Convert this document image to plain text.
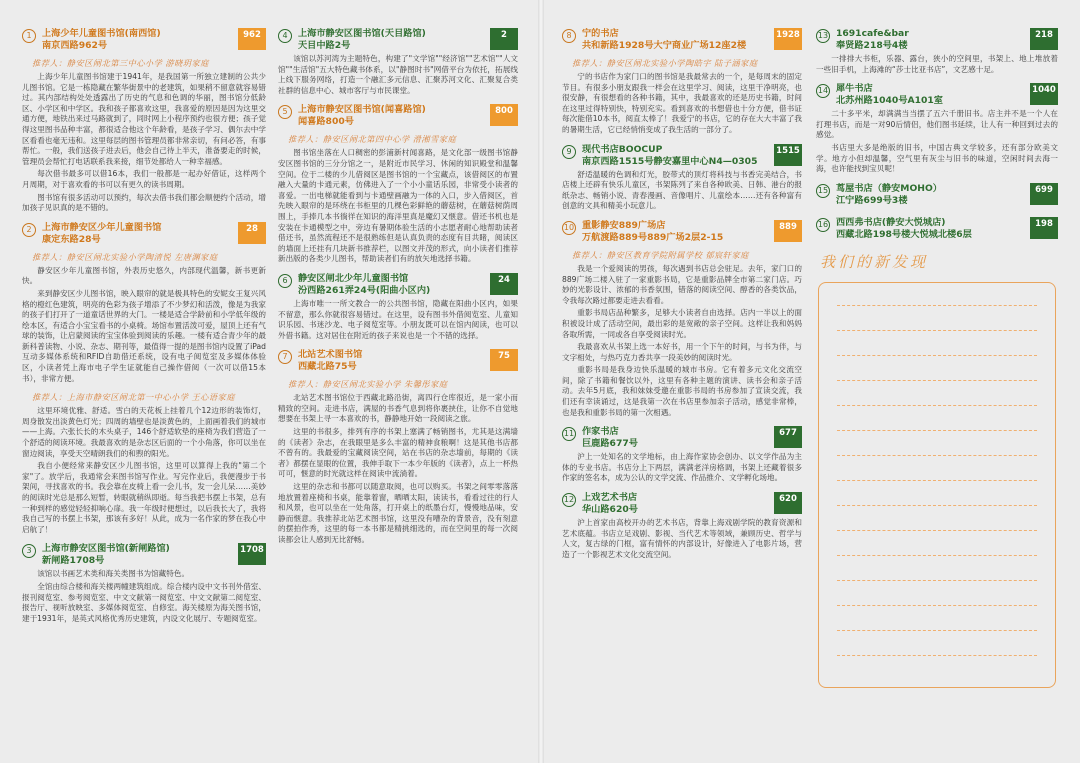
1	上海少年儿童图书馆(南西馆)
南京西路962号
962
推荐人：静安区闸北第三中心小学 游晓玥家庭

上海少年儿童图书馆建于1941年，是我国第一所独立建制的公共少儿图书馆。它是一栋隐藏在繁华街景中的老建筑，如果稍不留意就容易错过。其内部结构处处透露出了历史的气息和色调的华丽，图书馆分低龄区、小学区和中学区。我和孩子都喜欢这里，我喜爱的原因是因为这里交通方便，地铁出来过马路就到了，同时网上小程序预约也很方便；孩子觉得这里图书品种丰富，都很适合他这个年龄看，是孩子学习、偶尔去中学区看看也毫无违和。这里每层的图书管理员都非常亲切，有问必答，有事帮忙。一般，我们送孩子进去后，他会自己待上半天，准备要走的时候，管理员会帮忙打电话联系我来接，细节处都给人一种幸福感。

每次借书最多可以借16本，我们一般都是一起办好借证，这样两个月周期，对于喜欢看的书可以有更久的读书周期。

图书馆有很多活动可以预约，每次去借书我们都会顺便约个活动，增加孩子见识真的是不错的。

2	上海市静安区少年儿童图书馆
康定东路28号
28
推荐人：静安区闸北实验小学陶清悦 左唐渊家庭

静安区少年儿童图书馆，外表历史悠久，内部现代温馨，新书更新快。

来到静安区少儿图书馆，映入眼帘的就是极具特色的安妮女王复兴风格的橙红色建筑，明亮的色彩为孩子增添了不少梦幻和活泼，像是为我家的孩子们打开了一道童话世界的大门。一楼是适合学龄前和小学低年级的绘本区，有适合小宝宝看书的小桌椅。场馆布置活泼可爱，屋顶上还有气球的装饰，让启蒙阅读的宝宝体验到阅读的乐趣。一楼有适合青少年的最新科普读物、小说、杂志、期刊等，最值得一提的是图书馆内设置了iPad互动多媒体系统和RFID自助借还系统，设有电子阅览室及多媒体体验区，小读者凭上海市电子学生证就能自己操作借阅（一次可以借15本书），非常方便。

推荐人：上海市静安区闸北第一中心小学 王心语家庭

这里环境优雅、舒适。雪白的天花板上挂着几个12边形的装饰灯，周身散发出淡黄色灯光；四周的墙壁也是淡黄色的，上面画着我们的城市——上海。六张长长的木头桌子，146个舒适软垫的座椅为我们营造了一个舒适的阅读环境。我最喜欢的是杂志区后面的一个小角落，你可以坐在窗边阅读，享受天空晴朗我们的和煦的阳光。

我自小便经常来静安区少儿图书馆，这里可以算得上我的"第二个家"了。放学后，我通常会来图书馆写作业。写完作业后，我便漫步于书架间，寻找喜欢的书。我会靠在皮椅上看一会儿书，发一会儿呆……美妙的阅读时光总是那么短暂，转眼就稍纵即逝。每当我把书摆上书架，总有一种到样的感觉轻轻抑响心扉。我一年级时便想过，以后我长大了，我将我自己写的书摆上书架，那该有多好！从此，成为一名作家的梦在我心中启航了！

3	上海市静安区图书馆(新闸路馆)
新闸路1708号
1708

该馆以书画艺术类和海关类图书为馆藏特色。

全馆由综合楼和海关楼两幢建筑组成。综合楼内设中文书刊外借室、报刊阅览室、参考阅览室、中文文献第一阅览室、中文文献第二阅览室、报告厅、视听放映室、多媒体阅览室、自修室。海关楼原为海关图书馆，建于1931年，是英式风格优秀历史建筑，内设文化展厅、专题阅览室。

4	上海市静安区图书馆(天目路馆)
天目中路2号
2

该馆以苏河湾为主题特色，构建了"文学馆""经济馆""艺术馆""人文馆""生活馆"五大特色藏书体系，以"静图时书"网借平台为依托，拓展线上线下服务网络，打造一个融汇多元信息、汇聚苏河文化、汇聚复合类社群的信息中心、城市客厅与市民课堂。

5	上海市静安区图书馆(闻喜路馆)
闻喜路800号
800
推荐人：静安区闸北第四中心学 滑湘雪家庭

图书馆坐落在人口稠密的彭浦新村闻喜路，是文化部一级图书馆静安区图书馆的三分分馆之一，是附近市民学习、休闲的知识殿堂和温馨空间。位于二楼的少儿借阅区是图书馆的一个宝藏点，该借阅区的布置融入大量的卡通元素，仿佛进入了一个小小童话乐园，非常受小读者的喜爱。一出电梯就能看到与卡通壁画融为一体的入口，步入借阅区，首先映入眼帘的是环绕在书柜里的几棵色彩鲜艳的蘑菇树，在蘑菇树荫周围上，手捧几本书徜徉在知识的海洋里真是魔幻又惬意。借还书机也是安装在卡通模型之中，旁边有暑期体验生活的小志愿者耐心地帮助读者借还书，虽然流程还不是很熟练但是认真负责的态度有目共睹，阅读区的墙面上还挂有几块新书推荐栏，以图文并茂的形式，向小读者们推荐新出版的各类少儿图书，帮助读者们有的放矢地选择书籍。

6	静安区闸北少年儿童图书馆
汾西路261弄24号(阳曲小区内)
24

上海市唯一一所文教合一的公共图书馆，隐藏在阳曲小区内，如果不留意，那么你就很容易错过。在这里，设有图书外借阅览室、儿童知识乐园、书迷沙龙、电子阅览室等。小朋友既可以在馆内阅读，也可以外借书籍。这对居住在附近的孩子来说也是一个不错的选择。

7	北站艺术图书馆
西藏北路75号
75
推荐人：静安区闸北实验小学 朱馨彤家庭

北站艺术图书馆位于西藏北路沿街，离四行仓库很近，是一家小而精致的空间。走进书店，满屋的书香气息到将你裹挟住，让你不自觉地想要在书架上寻一本喜欢的书，静静地开始一段阅读之旅。

这里的书很多，排列有序的书架上塞满了畅销图书，尤其是这满墙的《读者》杂志，在我眼里是多么丰富的精神食粮啊！这是其他书店都不曾有的。我最爱的宝藏阅读空间，站在书店的杂志墙前，每期的《读者》都摆在显眼的位置，我伸手取下一本少年版的《读者》，点上一杯热可可，惬意的时光就这样在阅读中流淌着。

这里的杂志和书都可以随意取阅，也可以购买。书架之间零零落落地放置着座椅和书桌，能靠着窗，晒晒太阳，读读书，看看过往的行人和风景，也可以坐在一处角落，打开桌上的纸墨台灯，慢慢地品味，安静而惬意。我推荐北站艺术图书馆，这里没有嘈杂的背景音，没有刻意的摆拍作秀，这里的每一本书都是精挑细选的，而在空间里的每一次阅读都会让人感到无比舒畅。

8	宁的书店
共和新路1928号大宁商业广场12座2楼
1928
推荐人：静安区闸北实验小学陶皓宇 陆子涵家庭

宁的书店作为家门口的图书馆是我最常去的一个，是每周末的固定节目。有很多小朋友跟我一样会在这里学习、阅读，这里干净明亮，也很安静，有很想看的各种书籍，其中，我最喜欢的还是历史书籍，时间在这里过得特别快，特别充实。看到喜欢的书想借也十分方便，借书证每次能借10本书，阅直太棒了！我爱宁的书店，它的存在大大丰富了我的暑期生活，它已经悄悄变成了我生活的一部分了。

9	现代书店BOOCUP
南京西路1515号静安嘉里中心N4—0305
1515

舒适温暖的色调和灯光，胶带式的顶灯将科技与书香完美结合，书店楼上还辟有快乐儿童区，书架陈列了来自各种欧美、日韩、港台的报纸杂志、畅销小说、青春漫画、音像唱片、儿童绘本……还有各种富有创意的文具和精美小玩意儿。

10 重影静安889广场店
万航渡路889号889广场2层2-15
889
推荐人：静安区教育学院附属学校 郁宸轩家庭

我是一个爱阅读的男孩，每次遇到书店总会驻足。去年，家门口的889广场二楼入驻了一家重影书局，它是重影品牌全市第二家门店。巧妙的光影设计、浓郁的书香氛围，错落的阅读空间、醇香的各类饮品，令我每次路过都要走进去看看。

重影书局店品种繁多，足够大小读者自由选择。店内一半以上的面积被设计成了活动空间，最出彩的是宽敞的亲子空间。这样让我和妈妈各取所需，一同或各自享受阅读时光。

我最喜欢从书架上选一本好书，用一个下午的时间，与书为伴，与文字相处，与热巧克力香共享一段美妙的阅读时光。

重影书局是我身边快乐温暖的城市书房。它有着多元文化交流空间，除了书籍和餐饮以外，这里有各种主题的演讲、读书会和亲子活动。去年5月底，我和妹妹受邀在重影书局的书房参加了宣读交流，我们还有幸读诵过，这是我第一次在书店里参加亲子活动，感觉非常棒，也是我和重影书局的第一次相遇。

11 作家书店
巨鹿路677号
677

沪上一处知名的文学地标，由上海作家协会创办、以文学作品为主体的专业书店。书店分上下两层，满满老洋房格调，书架上还藏着很多作家的签名本，成为公认的文学交流、作品推介、文学孵化场地。

12 上戏艺术书店
华山路620号
620

沪上首家由高校开办的艺术书店，背靠上海戏剧学院的教育资源和艺术底蕴。书店立足戏剧、影视、当代艺术等领域，兼顾历史、哲学与人文，复古绿的门框，富有情怀的内部设计，好像进入了电影片场，营造了一个影视艺术文化交流空间。

13 1691cafe&bar
奉贤路218号4楼
218

一排排大书柜，乐器、露台，狭小的空间里，书架上、地上堆放着一些旧手机，上海滩的“莎士比亚书店”，文艺感十足。

14 犀牛书店
北苏州路1040号A101室
1040

二十多平米，却满满当当摆了五六千册旧书。店主并不是一个人在打理书店，而是一对90后情侣，他们图书延续，让人有一种回到过去的感觉。

书店里大多是绝版的旧书，中国古典文学较多，还有部分欧美文学。地方小但却温馨，空气里有灰尘与旧书的味道，空闲时间去海一海，也许能找到宝贝呢！

15 茑屋书店（静安MOHO）
江宁路699号3楼
699
16 西西弗书店(静安大悦城店)
西藏北路198号楼大悦城北楼6层
198
我们的新发现
